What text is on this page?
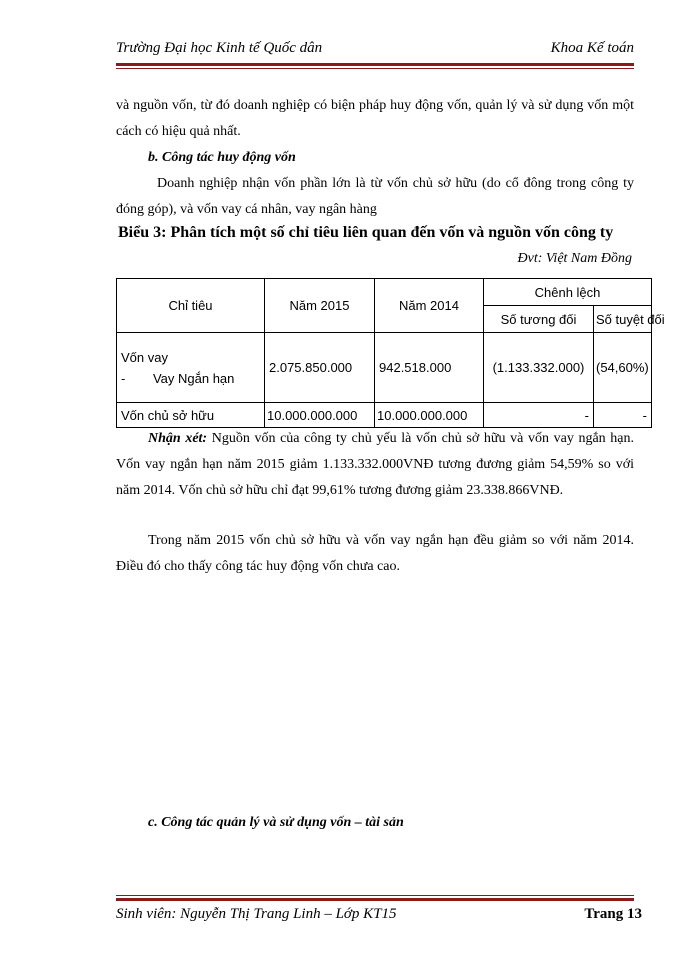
Trường Đại học Kinh tế Quốc dân	Khoa Kế toán

và nguồn vốn, từ đó doanh nghiệp có biện pháp huy động vốn, quản lý và sử dụng vốn một cách có hiệu quả nhất.

b. Công tác huy động vốn

Doanh nghiệp nhận vốn phần lớn là từ vốn chủ sở hữu (do cổ đông trong công ty đóng góp), và vốn vay cá nhân, vay ngân hàng

Biểu 3: Phân tích một số chỉ tiêu liên quan đến vốn và nguồn vốn công ty
Đvt: Việt Nam Đồng
Chỉ tiêu	Năm 2015	Năm 2014	Chênh lệch	
			Số tương đối	Số tuyệt đối

Vốn vay
- Vay Ngắn hạn	2.075.850.000	942.518.000	(1.133.332.000)	(54,60%)
Vốn chủ sở hữu	10.000.000.000	10.000.000.000	-	-

Nhận xét: Nguồn vốn của công ty chủ yếu là vốn chủ sở hữu và vốn vay ngắn hạn. Vốn vay ngắn hạn năm 2015 giảm 1.133.332.000VNĐ tương đương giảm 54,59% so với năm 2014. Vốn chủ sở hữu chỉ đạt 99,61% tương đương giảm 23.338.866VNĐ.

Trong năm 2015 vốn chủ sở hữu và vốn vay ngắn hạn đều giảm so với năm 2014. Điều đó cho thấy công tác huy động vốn chưa cao.

c. Công tác quản lý và sử dụng vốn – tài sản

Sinh viên: Nguyễn Thị Trang Linh – Lớp KT15	Trang 13
